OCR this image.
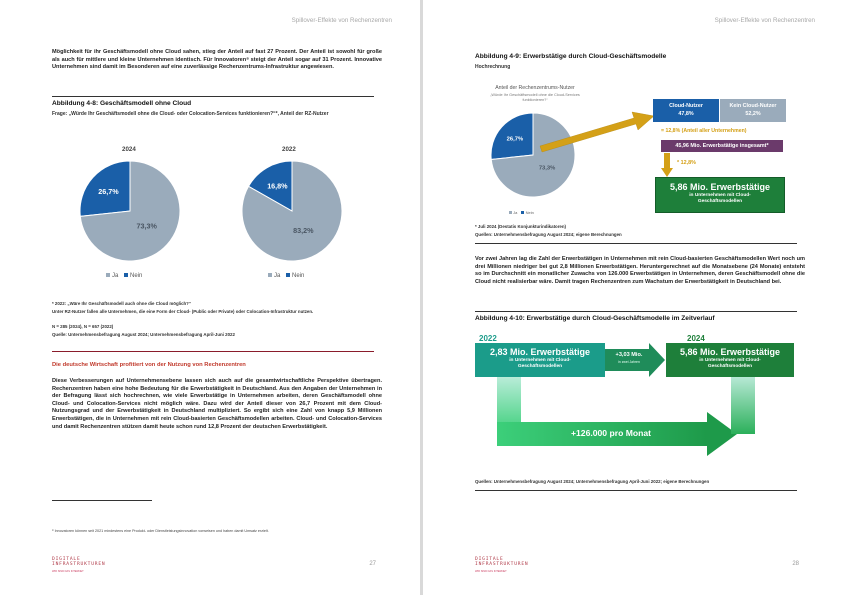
Spillover-Effekte von Rechenzentren
Möglichkeit für ihr Geschäftsmodell ohne Cloud sahen, stieg der Anteil auf fast 27 Prozent. Der Anteil ist sowohl für große als auch für mittlere und kleine Unternehmen identisch. Für Innovatoren⁸ steigt der Anteil sogar auf 31 Prozent. Innovative Unternehmen sind damit im Besonderen auf eine zuverlässige Rechenzentrums-Infrastruktur angewiesen.
Abbildung 4-8: Geschäftsmodell ohne Cloud
Frage: „Würde Ihr Geschäftsmodell ohne die Cloud- oder Colocation-Services funktionieren?“*, Anteil der RZ-Nutzer
2024	2022
26,7%
73,3%
16,8%
83,2%
Ja Nein	Ja Nein
* 2022: „Wäre Ihr Geschäftsmodell auch ohne die Cloud möglich?“
Unter RZ-Nutzer fallen alle Unternehmen, die eine Form der Cloud- (Public oder Private) oder Colocation-Infrastruktur nutzen.
N = 285 (2024), N = 657 (2022)
Quelle: Unternehmensbefragung August 2024; Unternehmensbefragung April-Juni 2022
Die deutsche Wirtschaft profitiert von der Nutzung von Rechenzentren
Diese Verbesserungen auf Unternehmensebene lassen sich auch auf die gesamtwirtschaftliche Perspektive übertragen. Rechenzentren haben eine hohe Bedeutung für die Erwerbstätigkeit in Deutschland. Aus den Angaben der Unternehmen in der Befragung lässt sich hochrechnen, wie viele Erwerbstätige in Unternehmen arbeiten, deren Geschäftsmodell ohne Cloud- und Colocation-Services nicht möglich wäre. Dazu wird der Anteil dieser von 26,7 Prozent mit dem Cloud-Nutzungsgrad und der Erwerbstätigkeit in Deutschland multipliziert. So ergibt sich eine Zahl von knapp 5,9 Millionen Erwerbstätigen, die in Unternehmen mit rein Cloud-basierten Geschäftsmodellen arbeiten. Cloud- und Colocation-Services und damit Rechenzentren stützen damit heute schon rund 12,8 Prozent der deutschen Erwerbstätigkeit.
⁸ Innovatoren können seit 2021 mindestens eine Produkt- oder Dienstleistungsinnovation vorweisen und haben damit Umsatz erzielt.
DIGITALE
INFRASTRUKTUREN
WIR SIND DAS INTERNET
27
Spillover-Effekte von Rechenzentren
Abbildung 4-9: Erwerbstätige durch Cloud-Geschäftsmodelle
Hochrechnung
Anteil der Rechenzentrums-Nutzer
„Würde Ihr Geschäftsmodell ohne die Cloud-Services funktionieren?“
26,7%
73,3%
Ja Nein
Cloud-Nutzer
47,8%
Kein Cloud-Nutzer
52,2%
= 12,8% (Anteil aller Unternehmen)
45,96 Mio. Erwerbstätige insgesamt*
* 12,8%
5,86 Mio. Erwerbstätige
in Unternehmen mit Cloud-Geschäftsmodellen
* Juli 2024 (Destatis Konjunkturindikatoren)
Quellen: Unternehmensbefragung August 2024; eigene Berechnungen
Vor zwei Jahren lag die Zahl der Erwerbstätigen in Unternehmen mit rein Cloud-basierten Geschäftsmodellen Wert noch um drei Millionen niedriger bei gut 2,8 Millionen Erwerbstätigen. Heruntergerechnet auf die Monatsebene (24 Monate) entsteht so im Durchschnitt ein monatlicher Zuwachs von 126.000 Erwerbstätigen in Unternehmen, deren Geschäftsmodell ohne die Cloud nicht realisierbar wäre. Damit tragen Rechenzentren zum Wachstum der Erwerbstätigkeit in Deutschland bei.
Abbildung 4-10: Erwerbstätige durch Cloud-Geschäftsmodelle im Zeitverlauf
2022	2024
2,83 Mio. Erwerbstätige
in Unternehmen mit Cloud-Geschäftsmodellen
+3,03 Mio.
in zwei Jahren
5,86 Mio. Erwerbstätige
in Unternehmen mit Cloud-Geschäftsmodellen
+126.000 pro Monat
Quellen: Unternehmensbefragung August 2024; Unternehmensbefragung April-Juni 2022; eigene Berechnungen
DIGITALE
INFRASTRUKTUREN
WIR SIND DAS INTERNET
28
